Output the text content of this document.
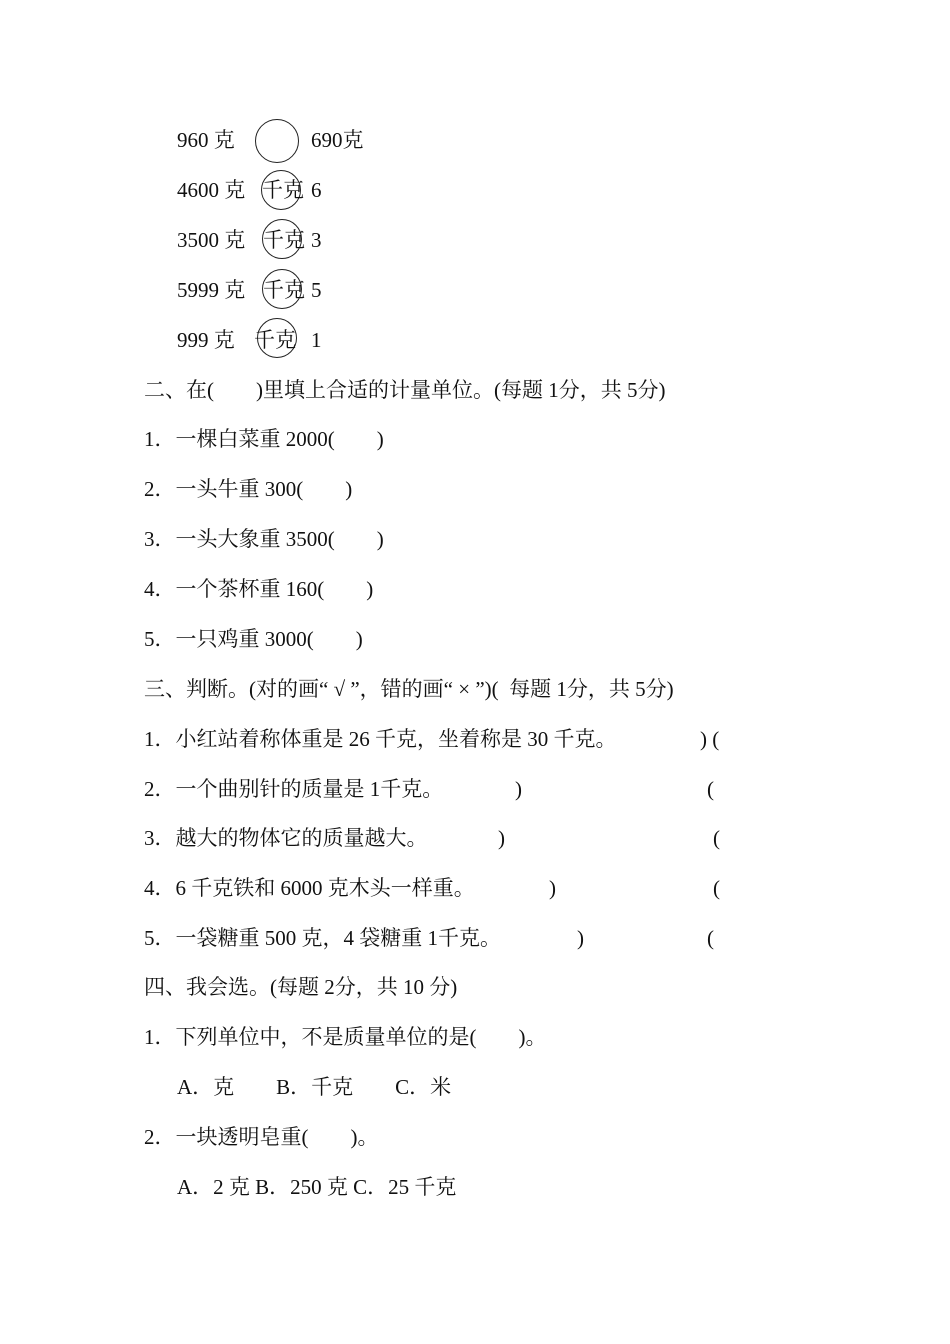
960 克	690克
4600 克 千克 6
3500 克 千克 3
5999 克 千克 5
999 克 千克 1
二、在(　　)里填上合适的计量单位。(每题 1分，共 5分)
1．一棵白菜重 2000(　　)
2．一头牛重 300(　　)
3．一头大象重 3500(　　)
4．一个茶杯重 160(　　)
5．一只鸡重 3000(　　)
三、判断。(对的画“ √ ”，错的画“ × ”)(  每题 1分，共 5分)
1．小红站着称体重是 26 千克，坐着称是 30 千克。	) (
2．一个曲别针的质量是 1千克。	)	(
3．越大的物体它的质量越大。	)	(
4．6 千克铁和 6000 克木头一样重。	)	(
5．一袋糖重 500 克，4 袋糖重 1千克。	)	(
四、我会选。(每题 2分，共 10 分)
1．下列单位中，不是质量单位的是(　　)。
A．克　　B．千克　　C．米
2．一块透明皂重(　　)。
A．2 克 B．250 克 C．25 千克
